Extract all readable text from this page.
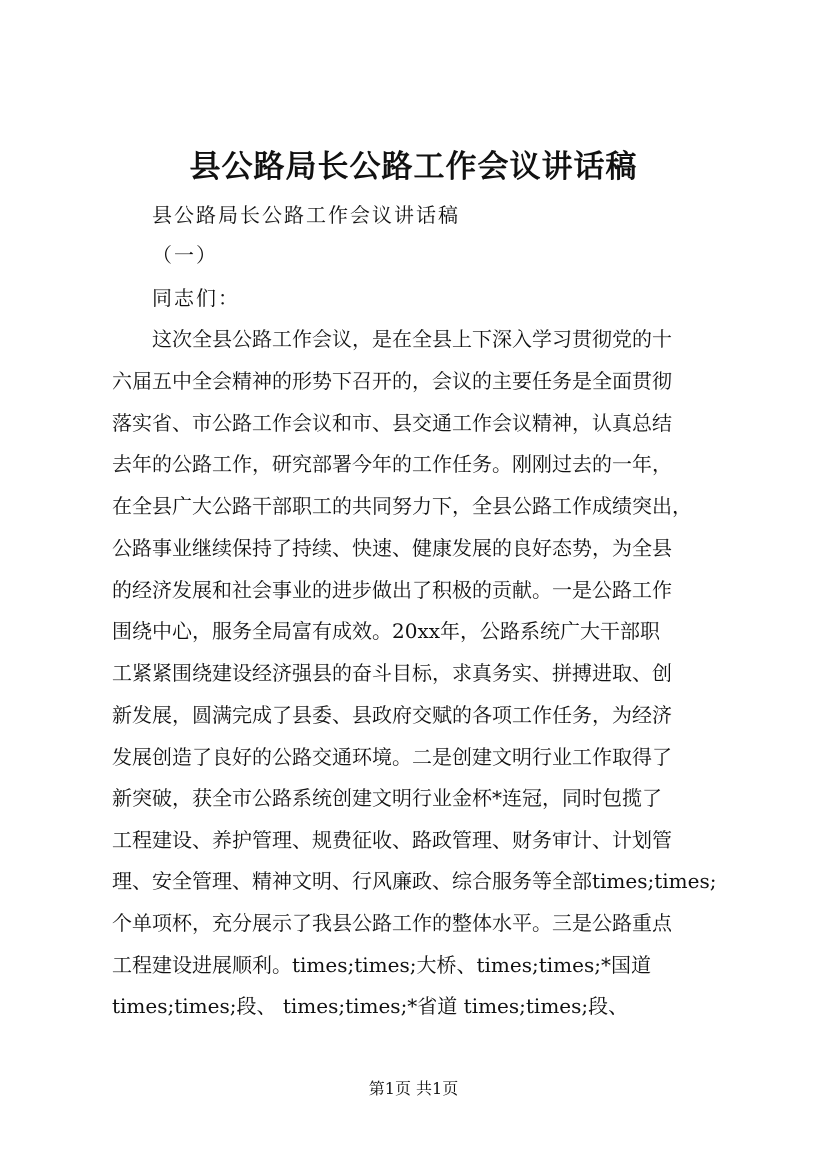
县公路局长公路工作会议讲话稿
县公路局长公路工作会议讲话稿
（一）
同志们：
这次全县公路工作会议，是在全县上下深入学习贯彻党的十
六届五中全会精神的形势下召开的，会议的主要任务是全面贯彻
落实省、市公路工作会议和市、县交通工作会议精神，认真总结
去年的公路工作，研究部署今年的工作任务。刚刚过去的一年，
在全县广大公路干部职工的共同努力下，全县公路工作成绩突出，
公路事业继续保持了持续、快速、健康发展的良好态势，为全县
的经济发展和社会事业的进步做出了积极的贡献。一是公路工作
围绕中心，服务全局富有成效。20xx年，公路系统广大干部职
工紧紧围绕建设经济强县的奋斗目标，求真务实、拼搏进取、创
新发展，圆满完成了县委、县政府交赋的各项工作任务，为经济
发展创造了良好的公路交通环境。二是创建文明行业工作取得了
新突破，获全市公路系统创建文明行业金杯*连冠，同时包揽了
工程建设、养护管理、规费征收、路政管理、财务审计、计划管
理、安全管理、精神文明、行风廉政、综合服务等全部times;times;
个单项杯，充分展示了我县公路工作的整体水平。三是公路重点
工程建设进展顺利。times;times;大桥、times;times;*国道
times;times;段、 times;times;*省道 times;times;段、
第1页 共1页
